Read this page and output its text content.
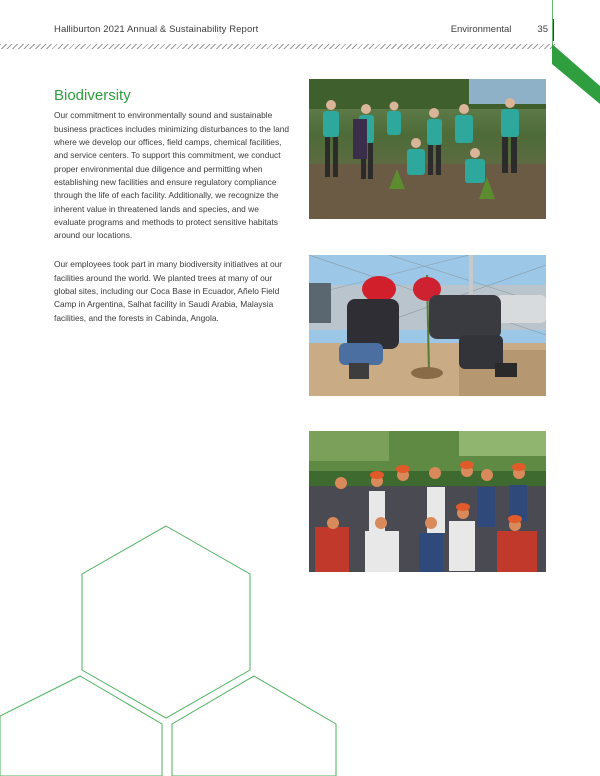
Halliburton 2021 Annual & Sustainability Report	Environmental	35
Biodiversity

Our commitment to environmentally sound and sustainable business practices includes minimizing disturbances to the land where we develop our offices, field camps, chemical facilities, and service centers. To support this commitment, we conduct proper environmental due diligence and permitting when establishing new facilities and ensure regulatory compliance through the life of each facility. Additionally, we recognize the inherent value in threatened lands and species, and we evaluate programs and methods to protect sensitive habitats around our locations.

Our employees took part in many biodiversity initiatives at our facilities around the world. We planted trees at many of our global sites, including our Coca Base in Ecuador, Añelo Field Camp in Argentina, Salhat facility in Saudi Arabia, Malaysia facilities, and the forests in Cabinda, Angola.
